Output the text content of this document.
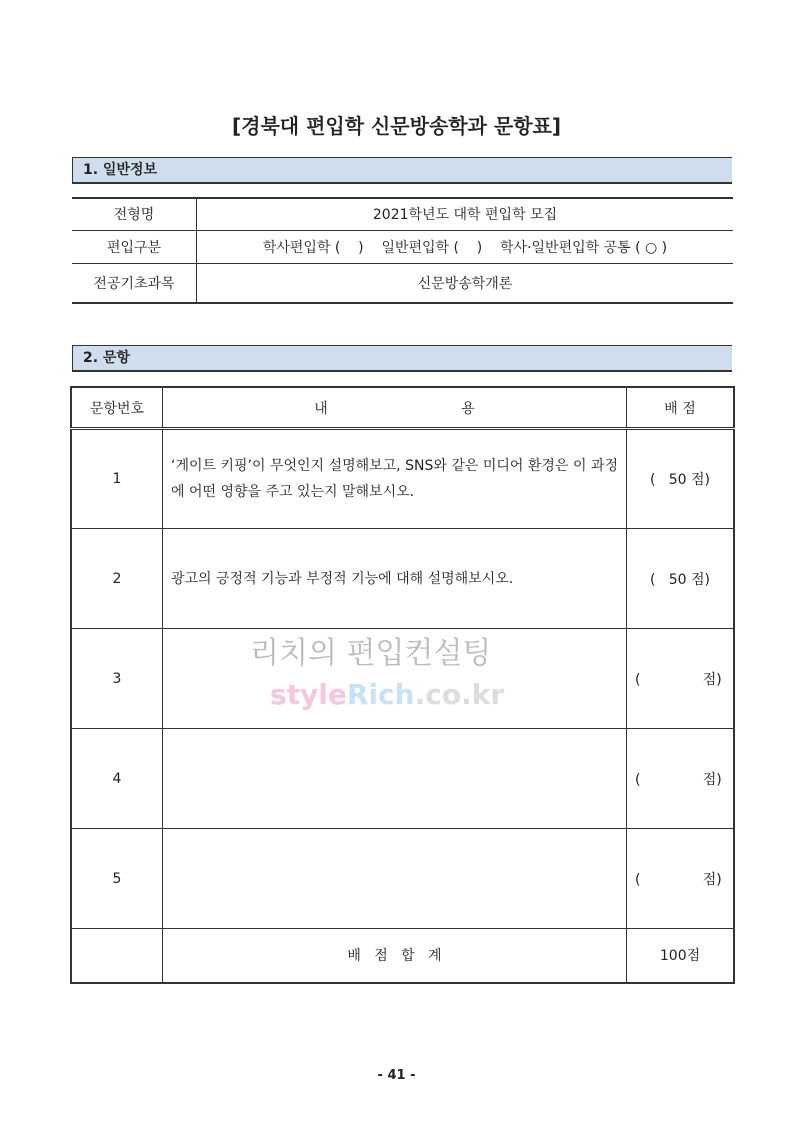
[경북대 편입학 신문방송학과 문항표]
1. 일반정보
전형명	2021학년도 대학 편입학 모집
편입구분	학사편입학 (    )    일반편입학 (    )    학사·일반편입학 공통 ( ○ )
전공기초과목	신문방송학개론
2. 문항
문항번호	내                              용	배 점
1	‘게이트 키핑’이 무엇인지 설명해보고, SNS와 같은 미디어 환경은 이 과정에 어떤 영향을 주고 있는지 말해보시오.	(   50 점)
2	광고의 긍정적 기능과 부정적 기능에 대해 설명해보시오.	(   50 점)
3		(              점)
4		(              점)
5		(              점)
	배   점   합   계	100점
리치의 편입컨설팅
styleRich.co.kr
- 41 -
